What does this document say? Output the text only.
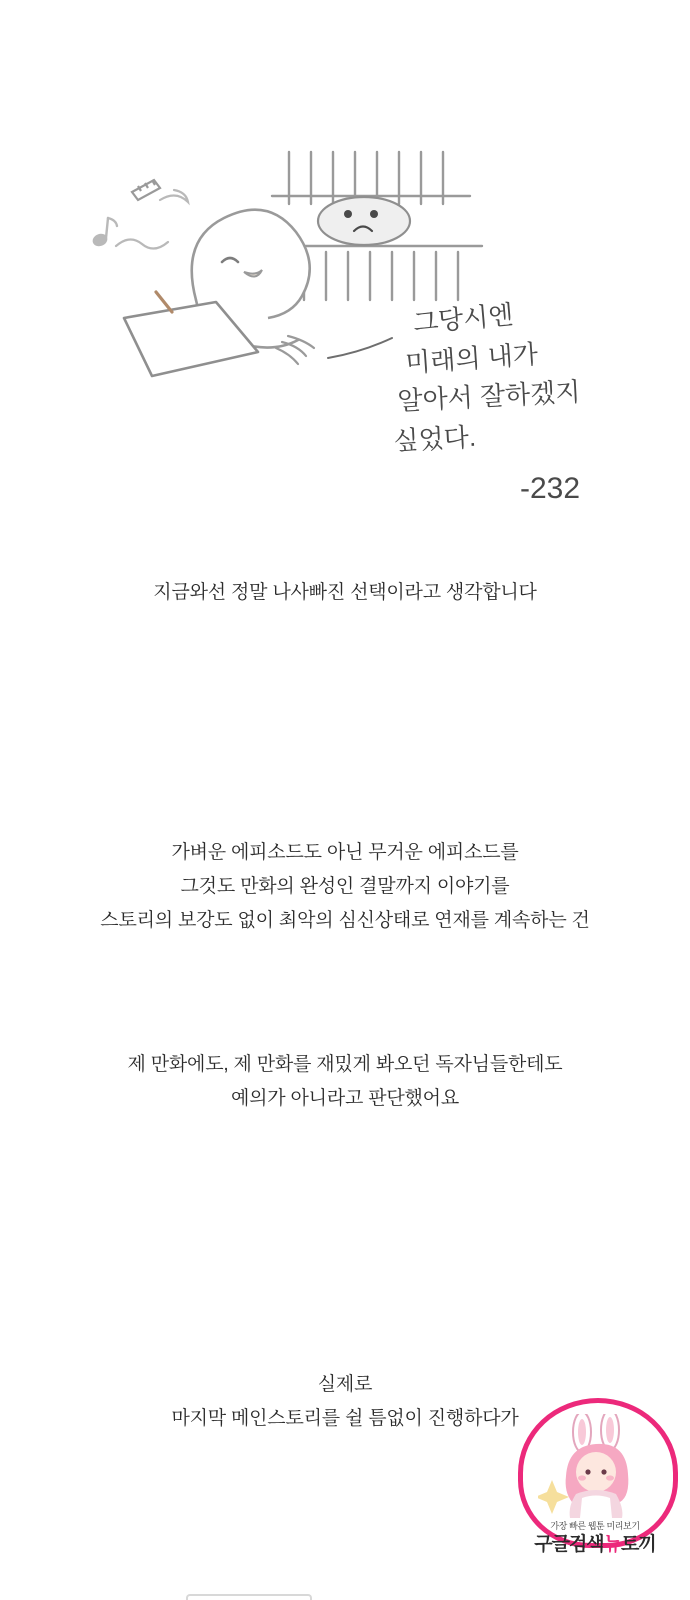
그당시엔
미래의 내가
알아서 잘하겠지
싶었다.
-232
지금와선 정말 나사빠진 선택이라고 생각합니다
가벼운 에피소드도 아닌 무거운 에피소드를
그것도 만화의 완성인 결말까지 이야기를
스토리의 보강도 없이 최악의 심신상태로 연재를 계속하는 건
제 만화에도, 제 만화를 재밌게 봐오던 독자님들한테도
예의가 아니라고 판단했어요
실제로
마지막 메인스토리를 쉴 틈없이 진행하다가
가장 빠른 웹툰 미리보기
구글검색뉴토끼
